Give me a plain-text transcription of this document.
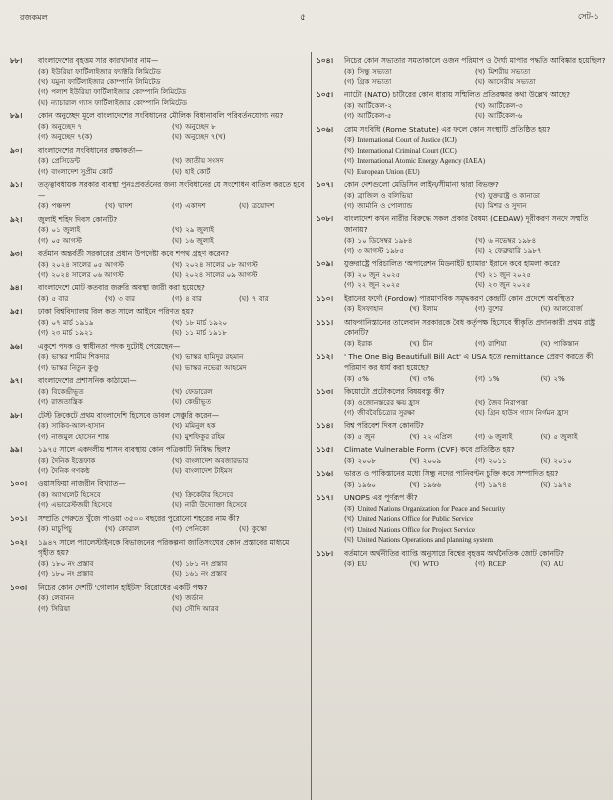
রজকমল	৫	সেট-১
৮৮।	বাংলাদেশের বৃহত্তম সার কারখানার নাম—
(ক) ইউরিয়া ফার্টিলাইজার ফ্যাক্টরি লিমিটেড
(খ) যমুনা ফার্টিলাইজার কোম্পানি লিমিটেড
(গ) পলাশ ইউরিয়া ফার্টিলাইজার কোম্পানি লিমিটেড
(ঘ) ন্যাচারাল গ্যাস ফার্টিলাইজার কোম্পানি লিমিটেড
৮৯।	কোন অনুচ্ছেদ মূলে বাংলাদেশের সংবিধানের মৌলিক বিধানাবলি পরিবর্তনযোগ্য নয়?
(ক) অনুচ্ছেদ ৭	(খ) অনুচ্ছেদ ৮
(গ) অনুচ্ছেদ ৭(ক)	(ঘ) অনুচ্ছেদ ৭(খ)
৯০।	বাংলাদেশের সংবিধানের রক্ষাকর্তা—
(ক) প্রেসিডেন্ট	(খ) জাতীয় সংসদ
(গ) বাংলাদেশ সুপ্রীম কোর্ট	(ঘ) হাই কোর্ট
৯১।	তত্ত্বাবধায়ক সরকার ব্যবস্থা পুনঃপ্রবর্তনের জন্য সংবিধানের যে সংশোধন বাতিল করতে হবে—
(ক) পঞ্চদশ	(খ) দ্বাদশ	(গ) একাদশ	(ঘ) ত্রয়োদশ
৯২।	জুলাই শহিদ দিবস কোনটি?
(ক) ০১ জুলাই	(খ) ২৯ জুলাই
(গ) ০৫ আগস্ট	(ঘ) ১৬ জুলাই
৯৩।	বর্তমান অন্তর্বর্তী সরকারের প্রধান উপদেষ্টা কবে শপথ গ্রহণ করেন?
(ক) ২০২৪ সালের ০৫ আগস্ট	(খ) ২০২৪ সালের ০৮ আগস্ট
(গ) ২০২৪ সালের ০৬ আগস্ট	(ঘ) ২০২৪ সালের ০৯ আগস্ট
৯৪।	বাংলাদেশে মোট কতবার জরুরি অবস্থা জারী করা হয়েছে?
(ক) ৫ বার	(খ) ৩ বার	(গ) ৪ বার	(ঘ) ৭ বার
৯৫।	ঢাকা বিশ্ববিদ্যালয় বিল কত সালে আইনে পরিণত হয়?
(ক) ০৭ মার্চ ১৯১৯	(খ) ১৮ মার্চ ১৯২০
(গ) ২৩ মার্চ ১৯২১	(ঘ) ১১ মার্চ ১৯১৮
৯৬।	একুশে পদক ও স্বাধীনতা পদক দুটোই পেয়েছেন—
(ক) ভাস্কর শামীম শিকদার	(খ) ভাস্কর হামিদুর রহমান
(গ) ভাস্কর নিতুন কুণ্ডু	(ঘ) ভাস্কর নভেরা আহমেদ
৯৭।	বাংলাদেশের প্রশাসনিক কাঠামো—
(ক) বিকেন্দ্রীভূত	(খ) ফেডারেল
(গ) রাজতান্ত্রিক	(ঘ) কেন্দ্রীভূত
৯৮।	টেস্ট ক্রিকেটে প্রথম বাংলাদেশি হিসেবে ডাবল সেঞ্চুরি করেন—
(ক) সাকিব-আল-হাসান	(খ) মমিনুল হক
(গ) নাজমুল হোসেন শান্ত	(ঘ) মুশফিকুর রহিম
৯৯।	১৯৭৫ সালে একদলীয় শাসন ব্যবস্থায় কোন পত্রিকাটি নিষিদ্ধ ছিল?
(ক) দৈনিক ইত্তেফাক	(খ) বাংলাদেশ অবজারভার
(গ) দৈনিক গণকন্ঠ	(ঘ) বাংলাদেশ টাইমস
১০০।	ওয়াসফিয়া নাজরীন বিখ্যাত—
(ক) অ্যাথলেট হিসেবে	(খ) ক্রিকেটার হিসেবে
(গ) এভারেস্টজয়ী হিসেবে	(ঘ) নারী উদ্যোক্তা হিসেবে
১০১।	সম্প্রতি পেরুতে খুঁজে পাওয়া ৩৫০০ বছরের পুরোনো শহরের নাম কী?
(ক) মাচুপিচু	(খ) কোরাল	(গ) পেনিকো	(ঘ) কুস্কো
১০২।	১৯৪৭ সালে প্যালেস্টাইনকে বিভাজনের পরিকল্পনা জাতিসংঘের কোন প্রস্তাবের মাধ্যমে গৃহীত হয়?
(ক) ১৮০ নং প্রস্তাব	(খ) ১৮১ নং প্রস্তাব
(গ) ১৮০ নং প্রস্তাব	(ঘ) ১৬১ নং প্রস্তাব
১০৩।	নিচের কোন দেশটি 'গোলান হাইটস' বিরোধের একটি পক্ষ?
(ক) লেবানন	(খ) জর্ডান
(গ) সিরিয়া	(ঘ) সৌদি আরব
১০৪।	নিচের কোন সভ্যতার সমতাকালে ওজন পরিমাপ ও দৈর্ঘ্য মাপার পদ্ধতি আবিষ্কার হয়েছিল?
(ক) সিন্ধু সভ্যতা	(খ) মিশরীয় সভ্যতা
(গ) গ্রিক সভ্যতা	(ঘ) আসেরীয় সভ্যতা
১০৫।	ন্যাটো (NATO) চার্টারের কোন ধারায় সম্মিলিত প্রতিরক্ষার কথা উল্লেখ আছে?
(ক) আর্টিকেল-২	(খ) আর্টিকেল-৩
(গ) আর্টিকেল-৫	(ঘ) আর্টিকেল-৬
১০৬।	রোম সংবিধি (Rome Statute) এর ফলে কোন সংস্থাটি প্রতিষ্ঠিত হয়?
(ক) International Court of Justice (ICJ)
(খ) International Criminal Court (ICC)
(গ) International Atomic Energy Agency (IAEA)
(ঘ) European Union (EU)
১০৭।	কোন দেশগুলো মেডিসিন লাইন/সীমানা দ্বারা বিভক্ত?
(ক) ব্রাজিল ও বলিভিয়া	(খ) যুক্তরাষ্ট্র ও কানাডা
(গ) জার্মানি ও পোল্যান্ড	(ঘ) মিশর ও সুদান
১০৮।	বাংলাদেশ কখন নারীর বিরুদ্ধে সকল প্রকার বৈষম্য (CEDAW) দূরীকরণ সনদে সম্মতি জানায়?
(ক) ১০ ডিসেম্বর ১৯৮৪	(খ) ৬ নভেম্বর ১৯৮৪
(গ) ৩ আগস্ট ১৯৮৫	(ঘ) ২ ফেব্রুয়ারি ১৯৮৭
১০৯।	যুক্তরাষ্ট্রে পরিচালিত 'অপারেশন মিডনাইট হ্যামার' ইরানে কবে হামলা করে?
(ক) ২০ জুন ২০২৫	(খ) ২১ জুন ২০২৫
(গ) ২২ জুন ২০২৫	(ঘ) ২৩ জুন ২০২৫
১১০।	ইরানের ফর্দো (Fordow) পারমাণবিক সমৃদ্ধকরণ কেন্দ্রটি কোন প্রদেশে অবস্থিত?
(ক) ইসফাহান	(খ) ইলাম	(গ) বুশের	(ঘ) আলবোর্জ
১১১।	আফগানিস্তানের তালেবান সরকারকে বৈধ কর্তৃপক্ষ হিসেবে স্বীকৃতি প্রদানকারী প্রথম রাষ্ট্র কোনটি?
(ক) ইরাক	(খ) চীন	(গ) রাশিয়া	(ঘ) পাকিস্তান
১১২।	' The One Big Beautifull Bill Act' এ USA হতে remittance প্রেরণ করতে কী পরিমাণ কর ধার্য করা হয়েছে?
(ক) ৫%	(খ) ৩%	(গ) ১%	(ঘ) ২%
১১৩।	কিয়োটো প্রটোকলের বিষয়বস্তু কী?
(ক) ওজোনস্তরের ক্ষয় হ্রাস	(খ) জৈব নিরাপত্তা
(গ) জীববৈচিত্র্যের সুরক্ষা	(ঘ) গ্রিন হাউস গ্যাস নির্গমন হ্রাস
১১৪।	বিশ্ব পরিবেশ দিবস কোনটি?
(ক) ৫ জুন	(খ) ২২ এপ্রিল	(গ) ৬ জুলাই	(ঘ) ৫ জুলাই
১১৫।	Climate Vulnerable Form (CVF) কবে প্রতিষ্ঠিত হয়?
(ক) ২০০৮	(খ) ২০০৯	(গ) ২০১১	(ঘ) ২০১০
১১৬।	ভারত ও পাকিস্তানের মধ্যে সিন্ধু নদের পানিবণ্টন চুক্তি কবে সম্পাদিত হয়?
(ক) ১৯৬০	(খ) ১৯৬৬	(গ) ১৯৭৪	(ঘ) ১৯৭৫
১১৭।	UNOPS এর পূর্ণরূপ কী?
(ক) United Nations Organization for Peace and Security
(খ) United Nations Office for Public Service
(গ) United Nations Office for Project Service
(ঘ) United Nations Operations and planning system
১১৮।	বর্তমানে অর্থনীতির ব্যাপ্তি অনুসারে বিশ্বের বৃহত্তম অর্থনৈতিক জোট কোনটি?
(ক) EU	(খ) WTO	(গ) RCEP	(ঘ) AU
